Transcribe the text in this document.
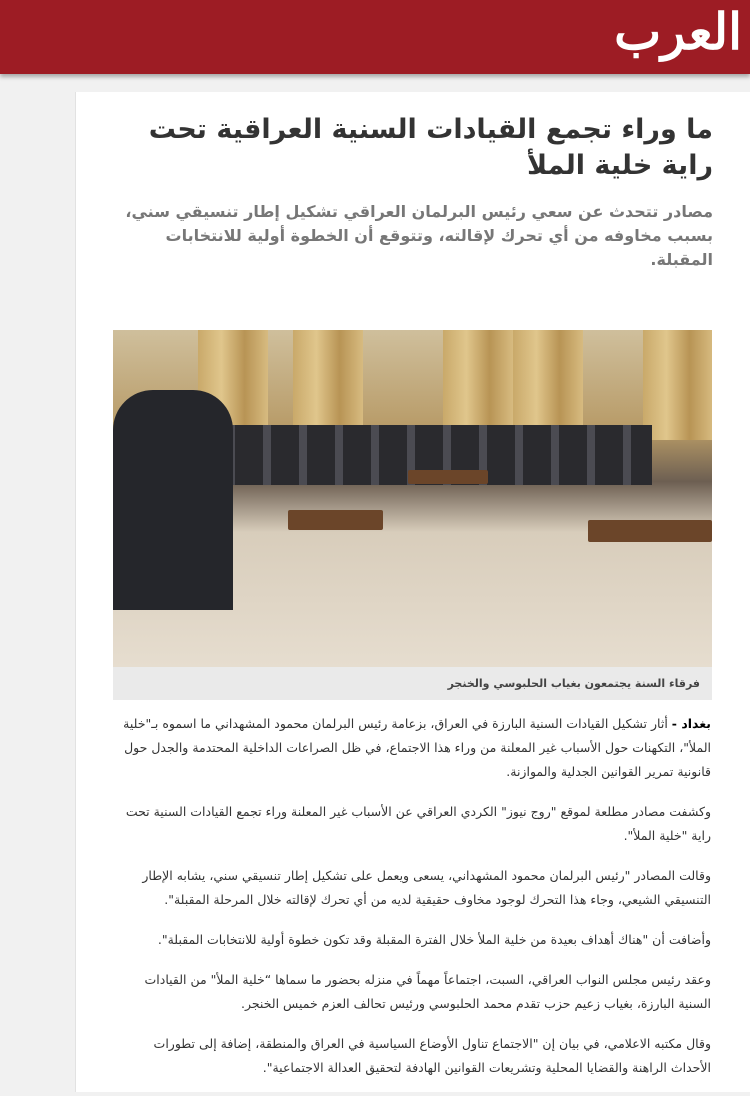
العرب
ما وراء تجمع القيادات السنية العراقية تحت راية خلية الملأ

مصادر تتحدث عن سعي رئيس البرلمان العراقي تشكيل إطار تنسيقي سني، بسبب مخاوفه من أي تحرك لإقالته، وتتوقع أن الخطوة أولية للانتخابات المقبلة.

فرقاء السنة يجتمعون بغياب الحلبوسي والخنجر

بغداد - أثار تشكيل القيادات السنية البارزة في العراق، بزعامة رئيس البرلمان محمود المشهداني ما اسموه بـ"خلية الملأ"، التكهنات حول الأسباب غير المعلنة من وراء هذا الاجتماع، في ظل الصراعات الداخلية المحتدمة والجدل حول قانونية تمرير القوانين الجدلية والموازنة.

وكشفت مصادر مطلعة لموقع "روج نيوز" الكردي العراقي عن الأسباب غير المعلنة وراء تجمع القيادات السنية تحت راية "خلية الملأ".

وقالت المصادر "رئيس البرلمان محمود المشهداني، يسعى ويعمل على تشكيل إطار تنسيقي سني، يشابه الإطار التنسيقي الشيعي، وجاء هذا التحرك لوجود مخاوف حقيقية لديه من أي تحرك لإقالته خلال المرحلة المقبلة".

وأضافت أن "هناك أهداف بعيدة من خلية الملأ خلال الفترة المقبلة وقد تكون خطوة أولية للانتخابات المقبلة".

وعقد رئيس مجلس النواب العراقي، السبت، اجتماعاً مهماً في منزله بحضور ما سماها “خلية الملأ" من القيادات السنية البارزة، بغياب زعيم حزب تقدم محمد الحلبوسي ورئيس تحالف العزم خميس الخنجر.

وقال مكتبه الاعلامي، في بيان إن "الاجتماع تناول الأوضاع السياسية في العراق والمنطقة، إضافة إلى تطورات الأحداث الراهنة والقضايا المحلية وتشريعات القوانين الهادفة لتحقيق العدالة الاجتماعية".
